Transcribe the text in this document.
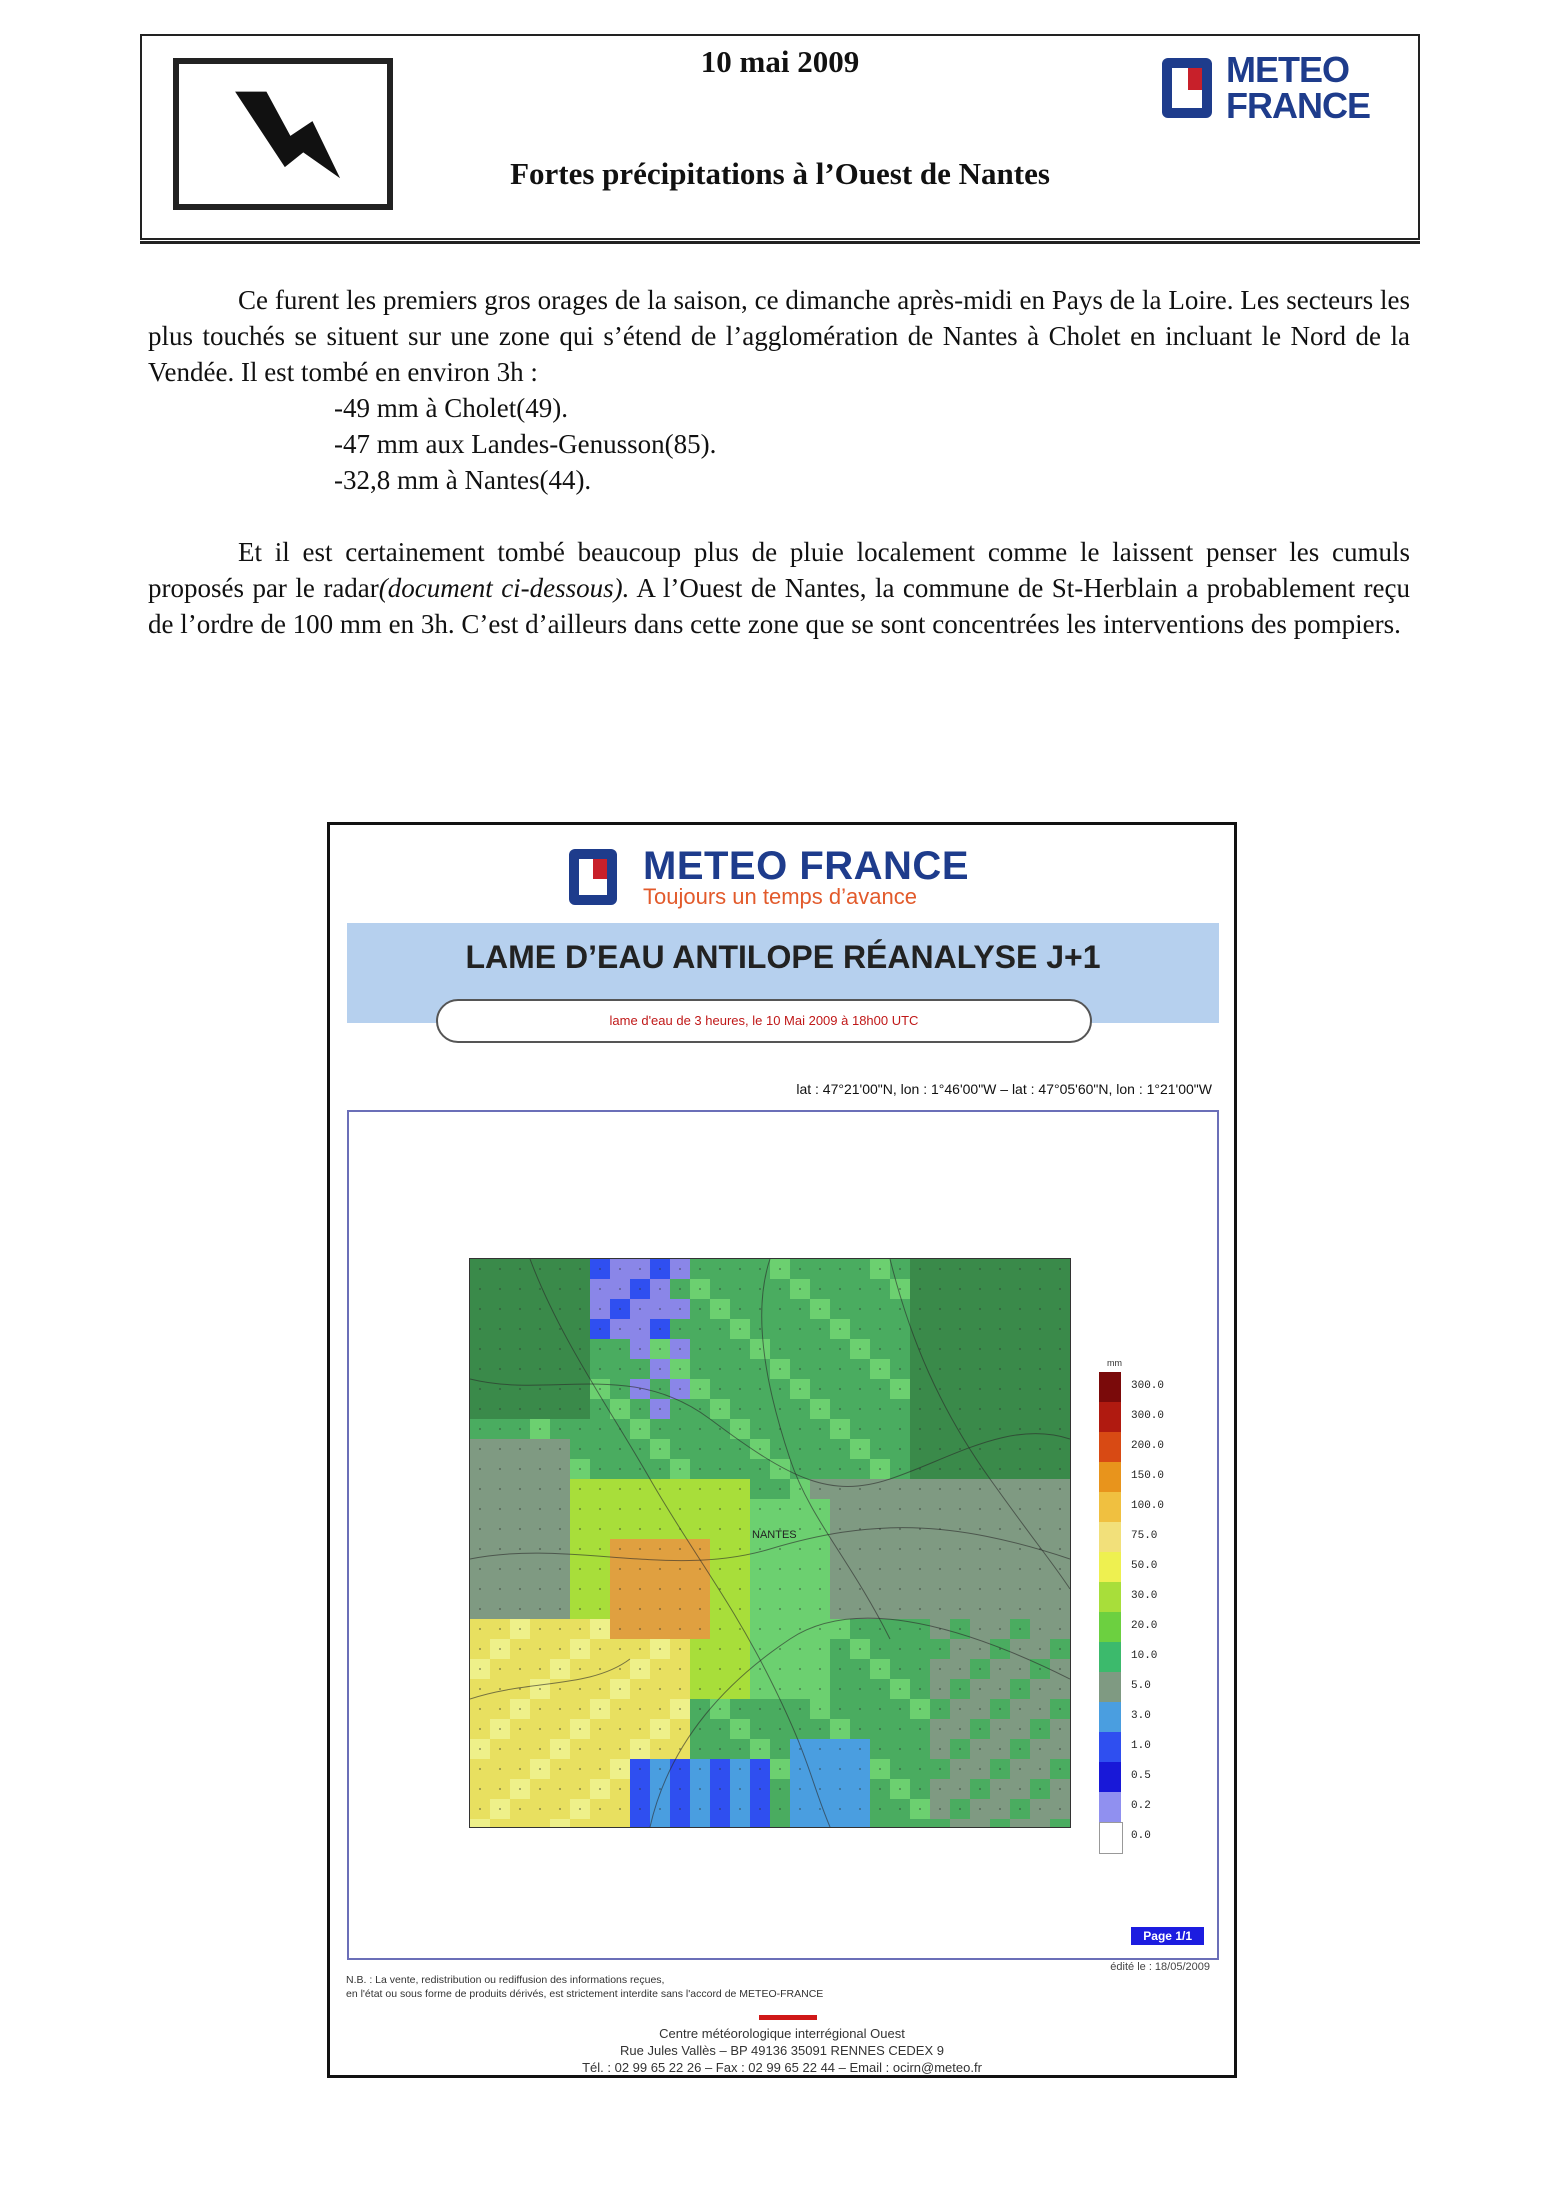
10 mai 2009
Fortes précipitations à l’Ouest de Nantes
METEO
FRANCE
Ce furent les premiers gros orages de la saison, ce dimanche après-midi en Pays de la Loire. Les secteurs les plus touchés se situent sur une zone qui s’étend de l’agglomération de Nantes à Cholet en incluant le Nord de la Vendée. Il est tombé en environ 3h :
-49 mm à Cholet(49).
-47 mm aux Landes-Genusson(85).
-32,8 mm à Nantes(44).
Et il est certainement tombé beaucoup plus de pluie localement comme le laissent penser les cumuls proposés par le radar(document ci-dessous). A l’Ouest de Nantes, la commune de St-Herblain a probablement reçu de l’ordre de 100 mm en 3h. C’est d’ailleurs dans cette zone que se sont concentrées les interventions des pompiers.
METEO FRANCE
Toujours un temps d’avance
LAME D’EAU ANTILOPE RÉANALYSE J+1
lame d'eau de 3 heures, le 10 Mai 2009 à 18h00 UTC
lat : 47°21'00"N, lon : 1°46'00"W – lat : 47°05'60"N, lon : 1°21'00"W
NANTES
mm
300.0
300.0
200.0
150.0
100.0
75.0
50.0
30.0
20.0
10.0
5.0
3.0
1.0
0.5
0.2
0.0
Page 1/1
édité le : 18/05/2009
N.B. : La vente, redistribution ou rediffusion des informations reçues,
en l'état ou sous forme de produits dérivés, est strictement interdite sans l'accord de METEO-FRANCE
Centre météorologique interrégional Ouest
Rue Jules Vallès – BP 49136 35091 RENNES CEDEX 9
Tél. : 02 99 65 22 26 – Fax : 02 99 65 22 44 – Email : ocirn@meteo.fr
